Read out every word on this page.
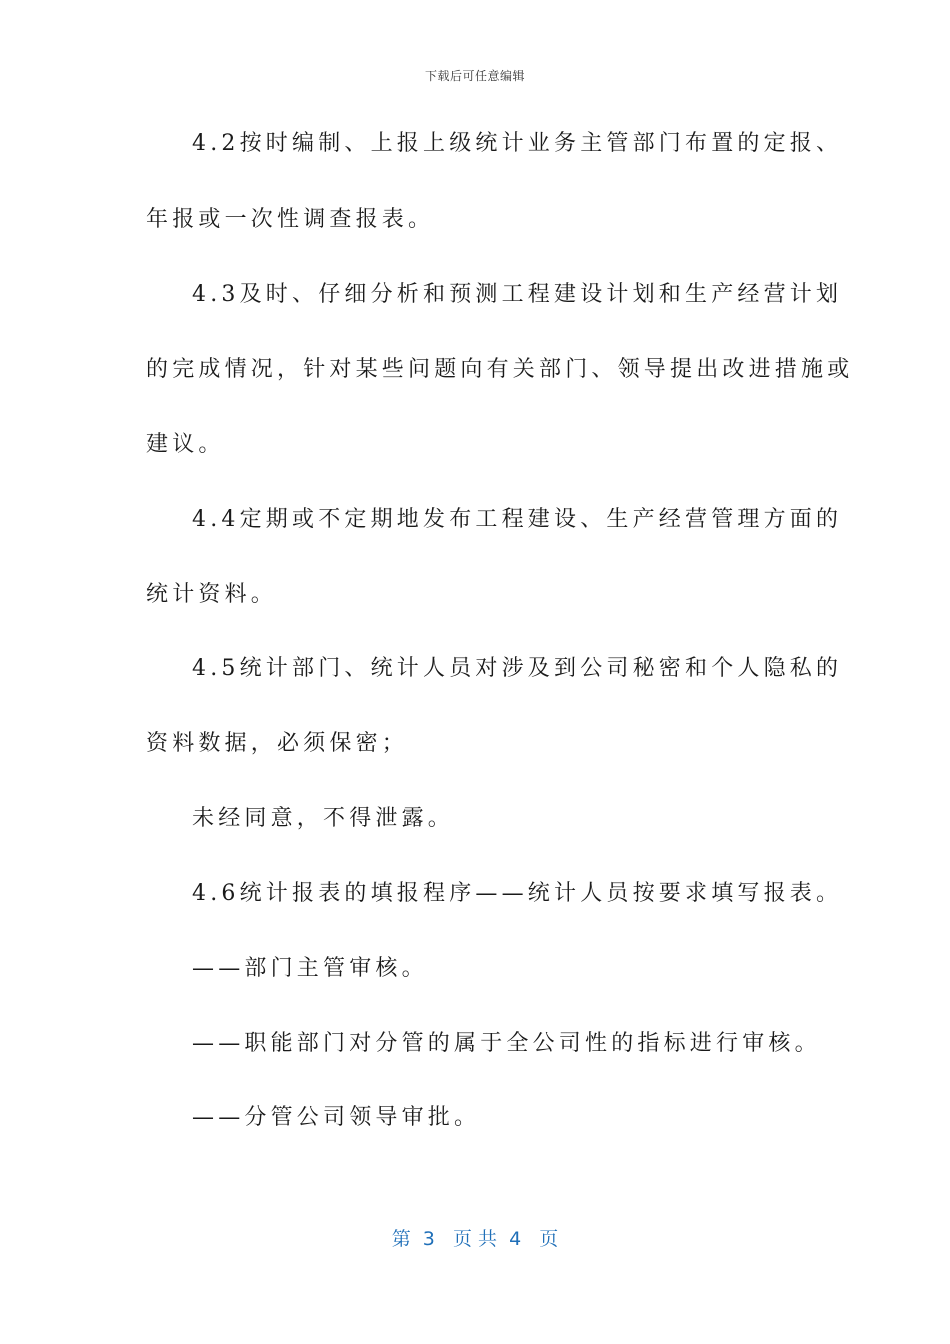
下载后可任意编辑
4.2按时编制、上报上级统计业务主管部门布置的定报、
年报或一次性调查报表。
4.3及时、仔细分析和预测工程建设计划和生产经营计划
的完成情况，针对某些问题向有关部门、领导提出改进措施或
建议。
4.4定期或不定期地发布工程建设、生产经营管理方面的
统计资料。
4.5统计部门、统计人员对涉及到公司秘密和个人隐私的
资料数据，必须保密；
未经同意，不得泄露。
4.6统计报表的填报程序——统计人员按要求填写报表。
——部门主管审核。
——职能部门对分管的属于全公司性的指标进行审核。
——分管公司领导审批。
第  3   页 共  4   页
